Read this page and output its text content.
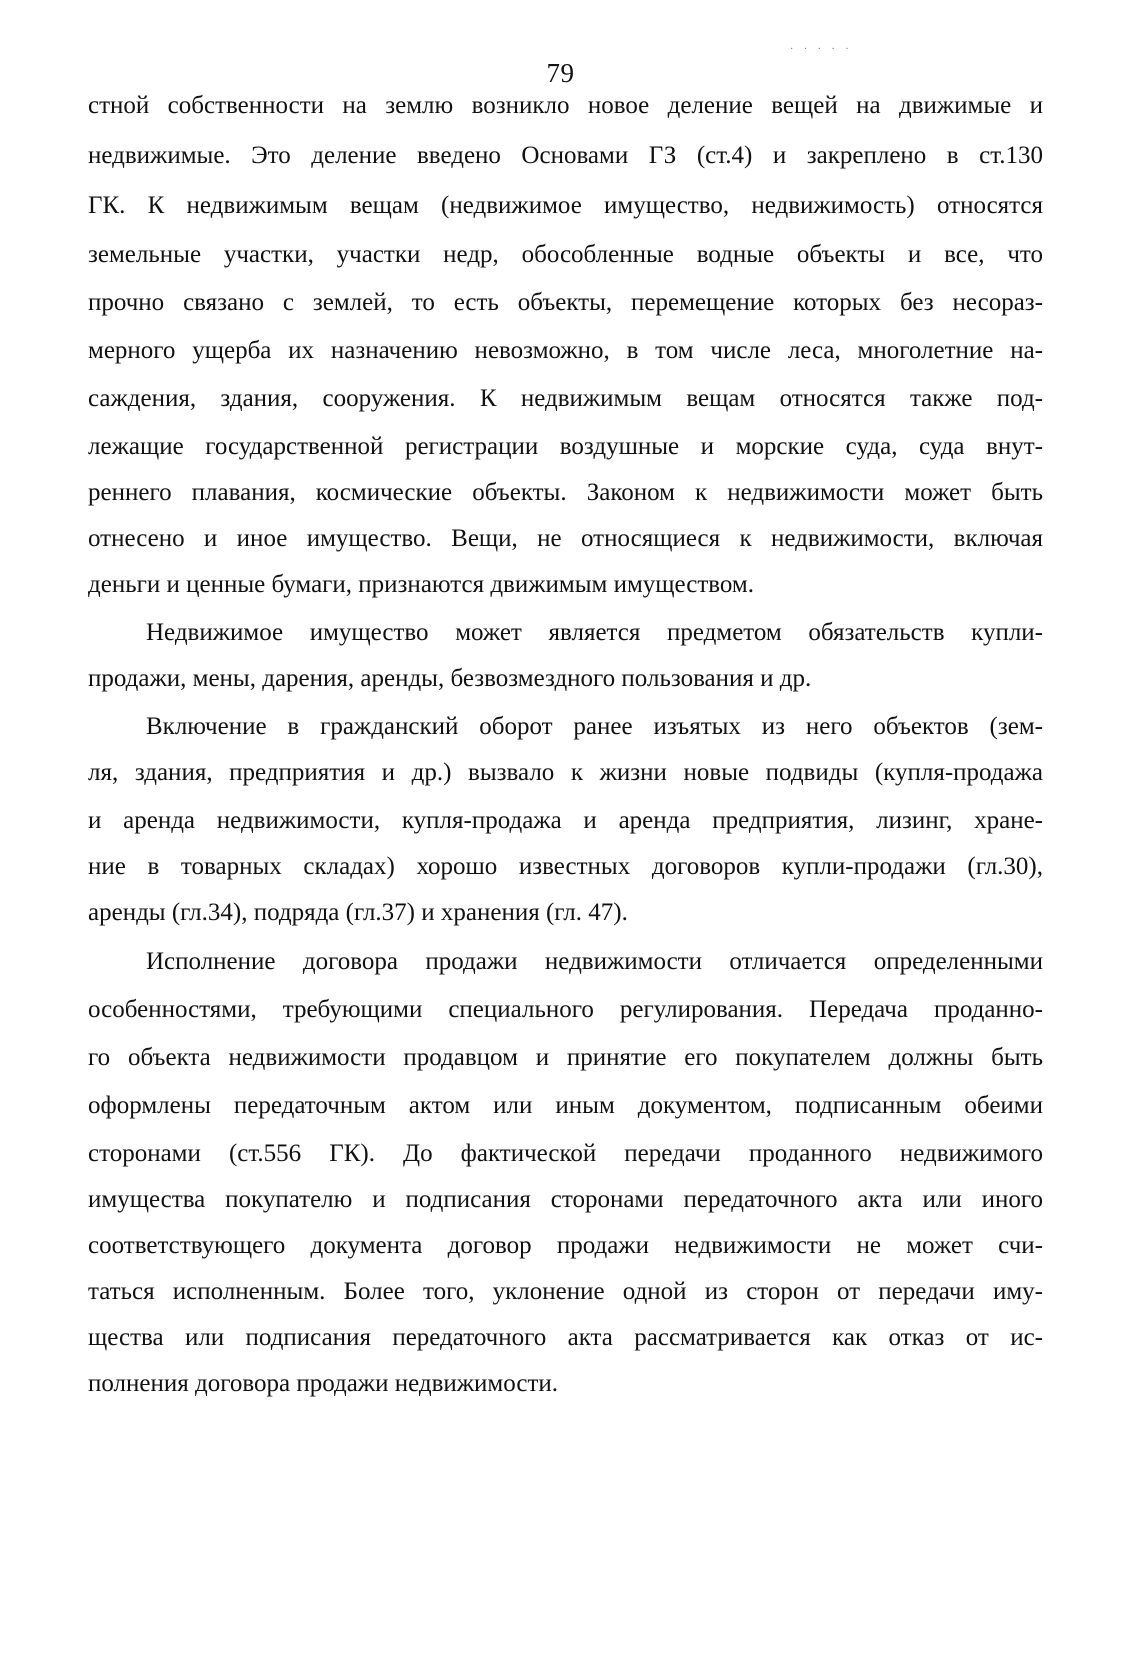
· · · · ·
79
стной собственности на землю возникло новое деление вещей на движимые и
недвижимые. Это деление введено Основами ГЗ (ст.4) и закреплено в ст.130
ГК. К недвижимым вещам (недвижимое имущество, недвижимость) относятся
земельные участки, участки недр, обособленные водные объекты и все, что
прочно связано с землей, то есть объекты, перемещение которых без несораз-
мерного ущерба их назначению невозможно, в том числе леса, многолетние на-
саждения, здания, сооружения. К недвижимым вещам относятся также под-
лежащие государственной регистрации воздушные и морские суда, суда внут-
реннего плавания, космические объекты. Законом к недвижимости может быть
отнесено и иное имущество. Вещи, не относящиеся к недвижимости, включая
деньги и ценные бумаги, признаются движимым имуществом.
Недвижимое имущество может является предметом обязательств купли-
продажи, мены, дарения, аренды, безвозмездного пользования и др.
Включение в гражданский оборот ранее изъятых из него объектов (зем-
ля, здания, предприятия и др.) вызвало к жизни новые подвиды (купля-продажа
и аренда недвижимости, купля-продажа и аренда предприятия, лизинг, хране-
ние в товарных складах) хорошо известных договоров купли-продажи (гл.30),
аренды (гл.34), подряда (гл.37) и хранения (гл. 47).
Исполнение договора продажи недвижимости отличается определенными
особенностями, требующими специального регулирования. Передача проданно-
го объекта недвижимости продавцом и принятие его покупателем должны быть
оформлены передаточным актом или иным документом, подписанным обеими
сторонами (ст.556 ГК). До фактической передачи проданного недвижимого
имущества покупателю и подписания сторонами передаточного акта или иного
соответствующего документа договор продажи недвижимости не может счи-
таться исполненным. Более того, уклонение одной из сторон от передачи иму-
щества или подписания передаточного акта рассматривается как отказ от ис-
полнения договора продажи недвижимости.
